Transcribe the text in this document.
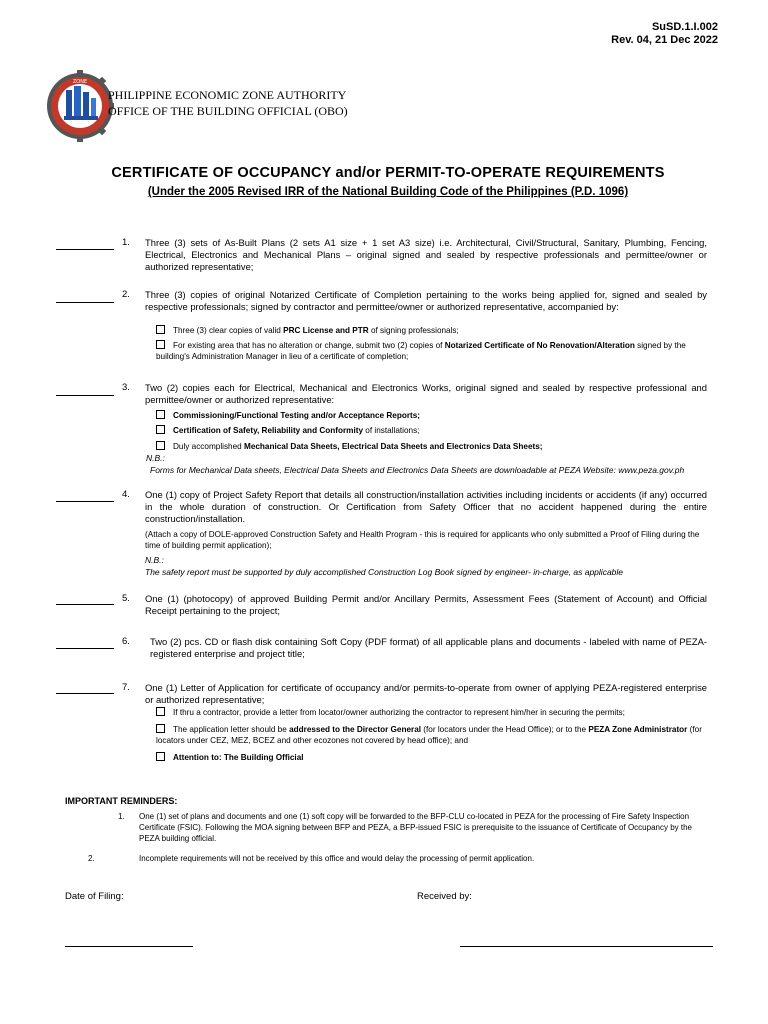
SuSD.1.I.002
Rev. 04, 21 Dec 2022
ZONE
PHILIPPINE ECONOMIC ZONE AUTHORITY
OFFICE OF THE BUILDING OFFICIAL (OBO)
CERTIFICATE OF OCCUPANCY and/or PERMIT-TO-OPERATE REQUIREMENTS
(Under the 2005 Revised IRR of the National Building Code of the Philippines (P.D. 1096)
1. Three (3) sets of As-Built Plans (2 sets A1 size + 1 set A3 size) i.e. Architectural, Civil/Structural, Sanitary, Plumbing, Fencing, Electrical, Electronics and Mechanical Plans – original signed and sealed by respective professionals and permittee/owner or authorized representative;
2. Three (3) copies of original Notarized Certificate of Completion pertaining to the works being applied for, signed and sealed by respective professionals; signed by contractor and permittee/owner or authorized representative, accompanied by:
Three (3) clear copies of valid PRC License and PTR of signing professionals;
For existing area that has no alteration or change, submit two (2) copies of Notarized Certificate of No Renovation/Alteration signed by the building's Administration Manager in lieu of a certificate of completion;
3. Two (2) copies each for Electrical, Mechanical and Electronics Works, original signed and sealed by respective professional and permittee/owner or authorized representative:
Commissioning/Functional Testing and/or Acceptance Reports;
Certification of Safety, Reliability and Conformity of installations;
Duly accomplished Mechanical Data Sheets, Electrical Data Sheets and Electronics Data Sheets;
N.B.:
Forms for Mechanical Data sheets, Electrical Data Sheets and Electronics Data Sheets are downloadable at PEZA Website: www.peza.gov.ph
4. One (1) copy of Project Safety Report that details all construction/installation activities including incidents or accidents (if any) occurred in the whole duration of construction. Or Certification from Safety Officer that no accident happened during the entire construction/installation.
(Attach a copy of DOLE-approved Construction Safety and Health Program - this is required for applicants who only submitted a Proof of Filing during the time of building permit application);
N.B.:
The safety report must be supported by duly accomplished Construction Log Book signed by engineer- in-charge, as applicable
5. One (1) (photocopy) of approved Building Permit and/or Ancillary Permits, Assessment Fees (Statement of Account) and Official Receipt pertaining to the project;
6. Two (2) pcs. CD or flash disk containing Soft Copy (PDF format) of all applicable plans and documents - labeled with name of PEZA-registered enterprise and project title;
7. One (1) Letter of Application for certificate of occupancy and/or permits-to-operate from owner of applying PEZA-registered enterprise or authorized representative;
If thru a contractor, provide a letter from locator/owner authorizing the contractor to represent him/her in securing the permits;
The application letter should be addressed to the Director General (for locators under the Head Office); or to the PEZA Zone Administrator (for locators under CEZ, MEZ, BCEZ and other ecozones not covered by head office); and
Attention to: The Building Official
IMPORTANT REMINDERS:
1. One (1) set of plans and documents and one (1) soft copy will be forwarded to the BFP-CLU co-located in PEZA for the processing of Fire Safety Inspection Certificate (FSIC). Following the MOA signing between BFP and PEZA, a BFP-issued FSIC is prerequisite to the issuance of Certificate of Occupancy by the PEZA building official.
2.	Incomplete requirements will not be received by this office and would delay the processing of permit application.
Date of Filing:	Received by:
